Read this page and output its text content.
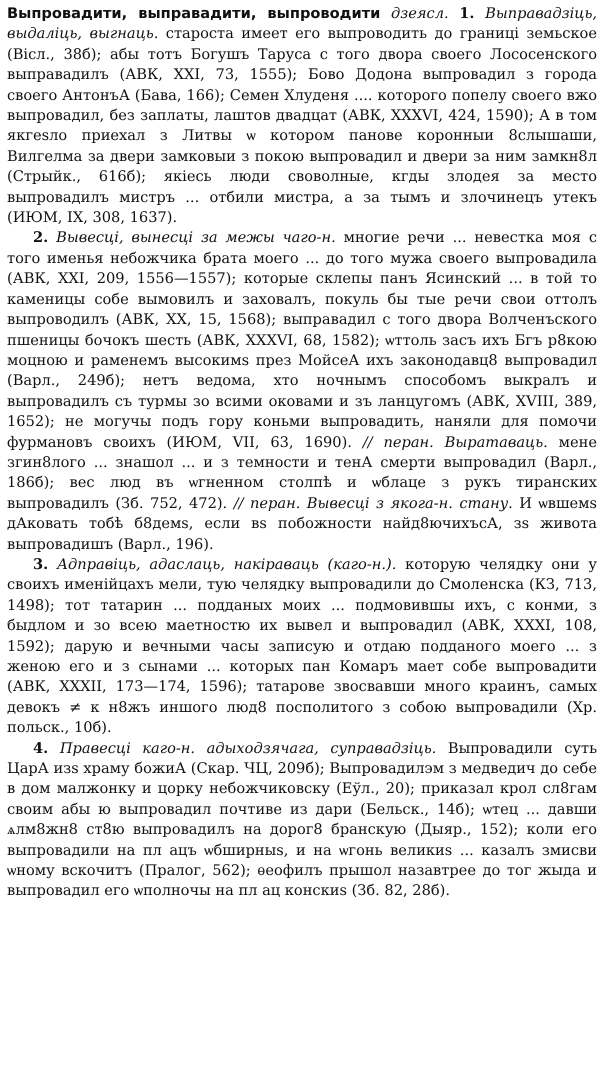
Выпровадити, выправадити, выпроводити дзеясл. 1. Выправадзіць, выдаліць, выгнаць. староста имеет его выпроводить до границі земьское (Вісл., 38б); абы тотъ Богушъ Таруса с того двора своего Лососенского выправадилъ (АВК, XXI, 73, 1555); Бово Додона выпровадил з города своего АнтонъА (Бава, 166); Семен Хлуденя .... которого попелу своего вжо выпровадил, без заплаты, лаштов двадцат (АВК, XXXVI, 424, 1590); А в том якгеѕло приехал з Литвы ѡ котором панове коронныи 8слышаши, Вилгелма за двери замковыи з покою выпровадил и двери за ним замкн8л (Стрыйк., 616б); якіесь люди своволные, кгды злодея за место выпровадилъ мистръ ... отбили мистра, а за тымъ и злочинецъ утекъ (ИЮМ, IX, 308, 1637).

2. Вывесці, вынесці за межы чаго-н. многие речи ... невестка моя с того именья небожчика брата моего ... до того мужа своего выпровадила (АВК, XXI, 209, 1556—1557); которые склепы панъ Ясинский ... в той то каменицы собе вымовилъ и заховалъ, покуль бы тые речи свои оттолъ выпроводилъ (АВК, XX, 15, 1568); выправадил с того двора Волченъского пшеницы бочокъ шесть (АВК, XXXVI, 68, 1582); ѡттоль засъ ихъ Бгъ р8кою моцною и раменемъ высокимѕ през МойсеА ихъ законодавц8 выпровадил (Варл., 249б); нетъ ведома, хто ночнымъ способомъ выкралъ и выпровадилъ съ турмы зо всими оковами и зъ ланцугомъ (АВК, XVIII, 389, 1652); не могучы подъ гору коньми выпровадить, наняли для помочи фурмановъ своихъ (ИЮМ, VII, 63, 1690). // перан. Выратаваць. мене згин8лого ... знашол ... и з темности и тенА смерти выпровадил (Варл., 186б); вес люд въ ѡгненном столпѣ и ѡблаце з рукъ тиранских выпровадилъ (Зб. 752, 472). // перан. Вывесці з якога-н. стану. И ѡвшемѕ дАковать тобѣ б8демѕ, если вѕ побожности найд8ючихъсА, зѕ живота выпровадишъ (Варл., 196).

3. Адправіць, адаслаць, накіраваць (каго-н.). которую челядку они у своихъ именійцахъ мели, тую челядку выпровадили до Смоленска (КЗ, 713, 1498); тот татарин ... подданых моих ... подмовившы ихъ, с конми, з быдлом и зо всею маетностю их вывел и выпровадил (АВК, XXXI, 108, 1592); дарую и вечными часы записую и отдаю подданого моего ... з женою его и з сынами ... которых пан Комаръ мает собе выпровадити (АВК, XXXII, 173—174, 1596); татарове звосвавши много краинъ, самых девокъ ≠ к н8жъ иншого люд8 посполитого з собою выпровадили (Хр. польск., 10б).

4. Правесці каго-н. адыходзячага, суправадзіць. Выпровадили суть ЦарА изѕ храму божиА (Скар. ЧЦ, 209б); Выпровадилэм з медведич до себе в дом малжонку и цорку небожчиковску (Еўл., 20); приказал крол сл8гам своим абы ю выпровадил почтиве из дари (Бельск., 14б); ѡтец ... давши ѧлм8жн8 ст8ю выпровадилъ на дорог8 бранскую (Дыяр., 152); коли его выпровадили на пл ацъ ѡбширныѕ, и на ѡгонь великиѕ ... казалъ змисви ѡному вскочитъ (Пралог, 562); ѳеофилъ прышол назавтрее до тог жыда и выпровадил его ѡполночы на пл ац конскиѕ (Зб. 82, 28б).
